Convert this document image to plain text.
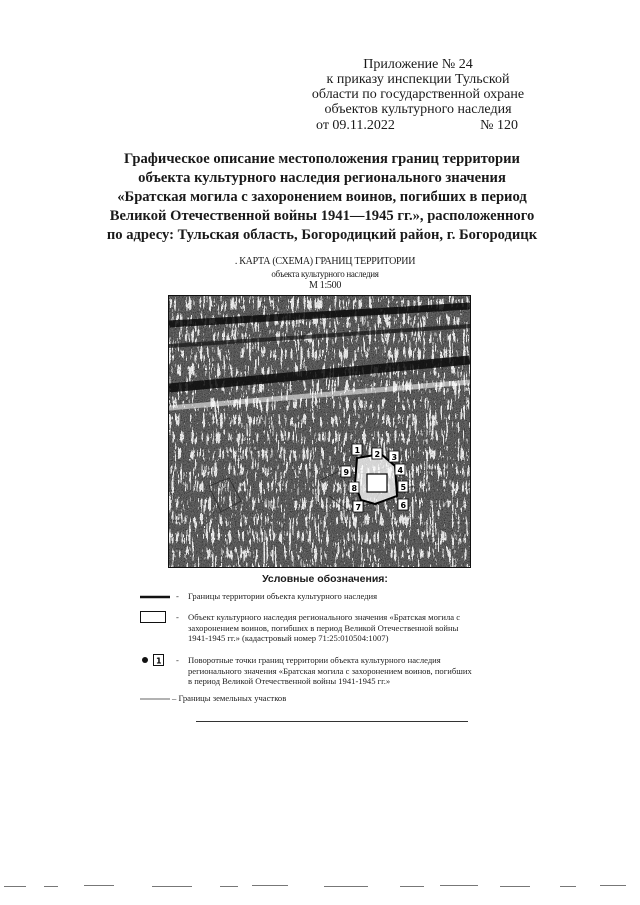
Приложение № 24
к приказу инспекции Тульской
области по государственной охране
объектов культурного наследия
от 09.11.2022	№ 120
Графическое описание местоположения границ территории
объекта культурного наследия регионального значения
«Братская могила с захоронением воинов, погибших в период
Великой Отечественной войны 1941—1945 гг.», расположенного
по адресу: Тульская область, Богородицкий район, г. Богородицк
. КАРТА (СХЕМА) ГРАНИЦ ТЕРРИТОРИИ
объекта культурного наследия
М 1:500
1 2 3
4
5
6
7
8
9
Условные обозначения:
- Границы территории объекта культурного наследия
- Объект культурного наследия регионального значения «Братская могила с
захоронением воинов, погибших в период Великой Отечественной войны
1941-1945 гг.» (кадастровый номер 71:25:010504:1007)
1 - Поворотные точки границ территории объекта культурного наследия
регионального значения «Братская могила с захоронением воинов, погибших
в период Великой Отечественной войны 1941-1945 гг.»
– Границы земельных участков
